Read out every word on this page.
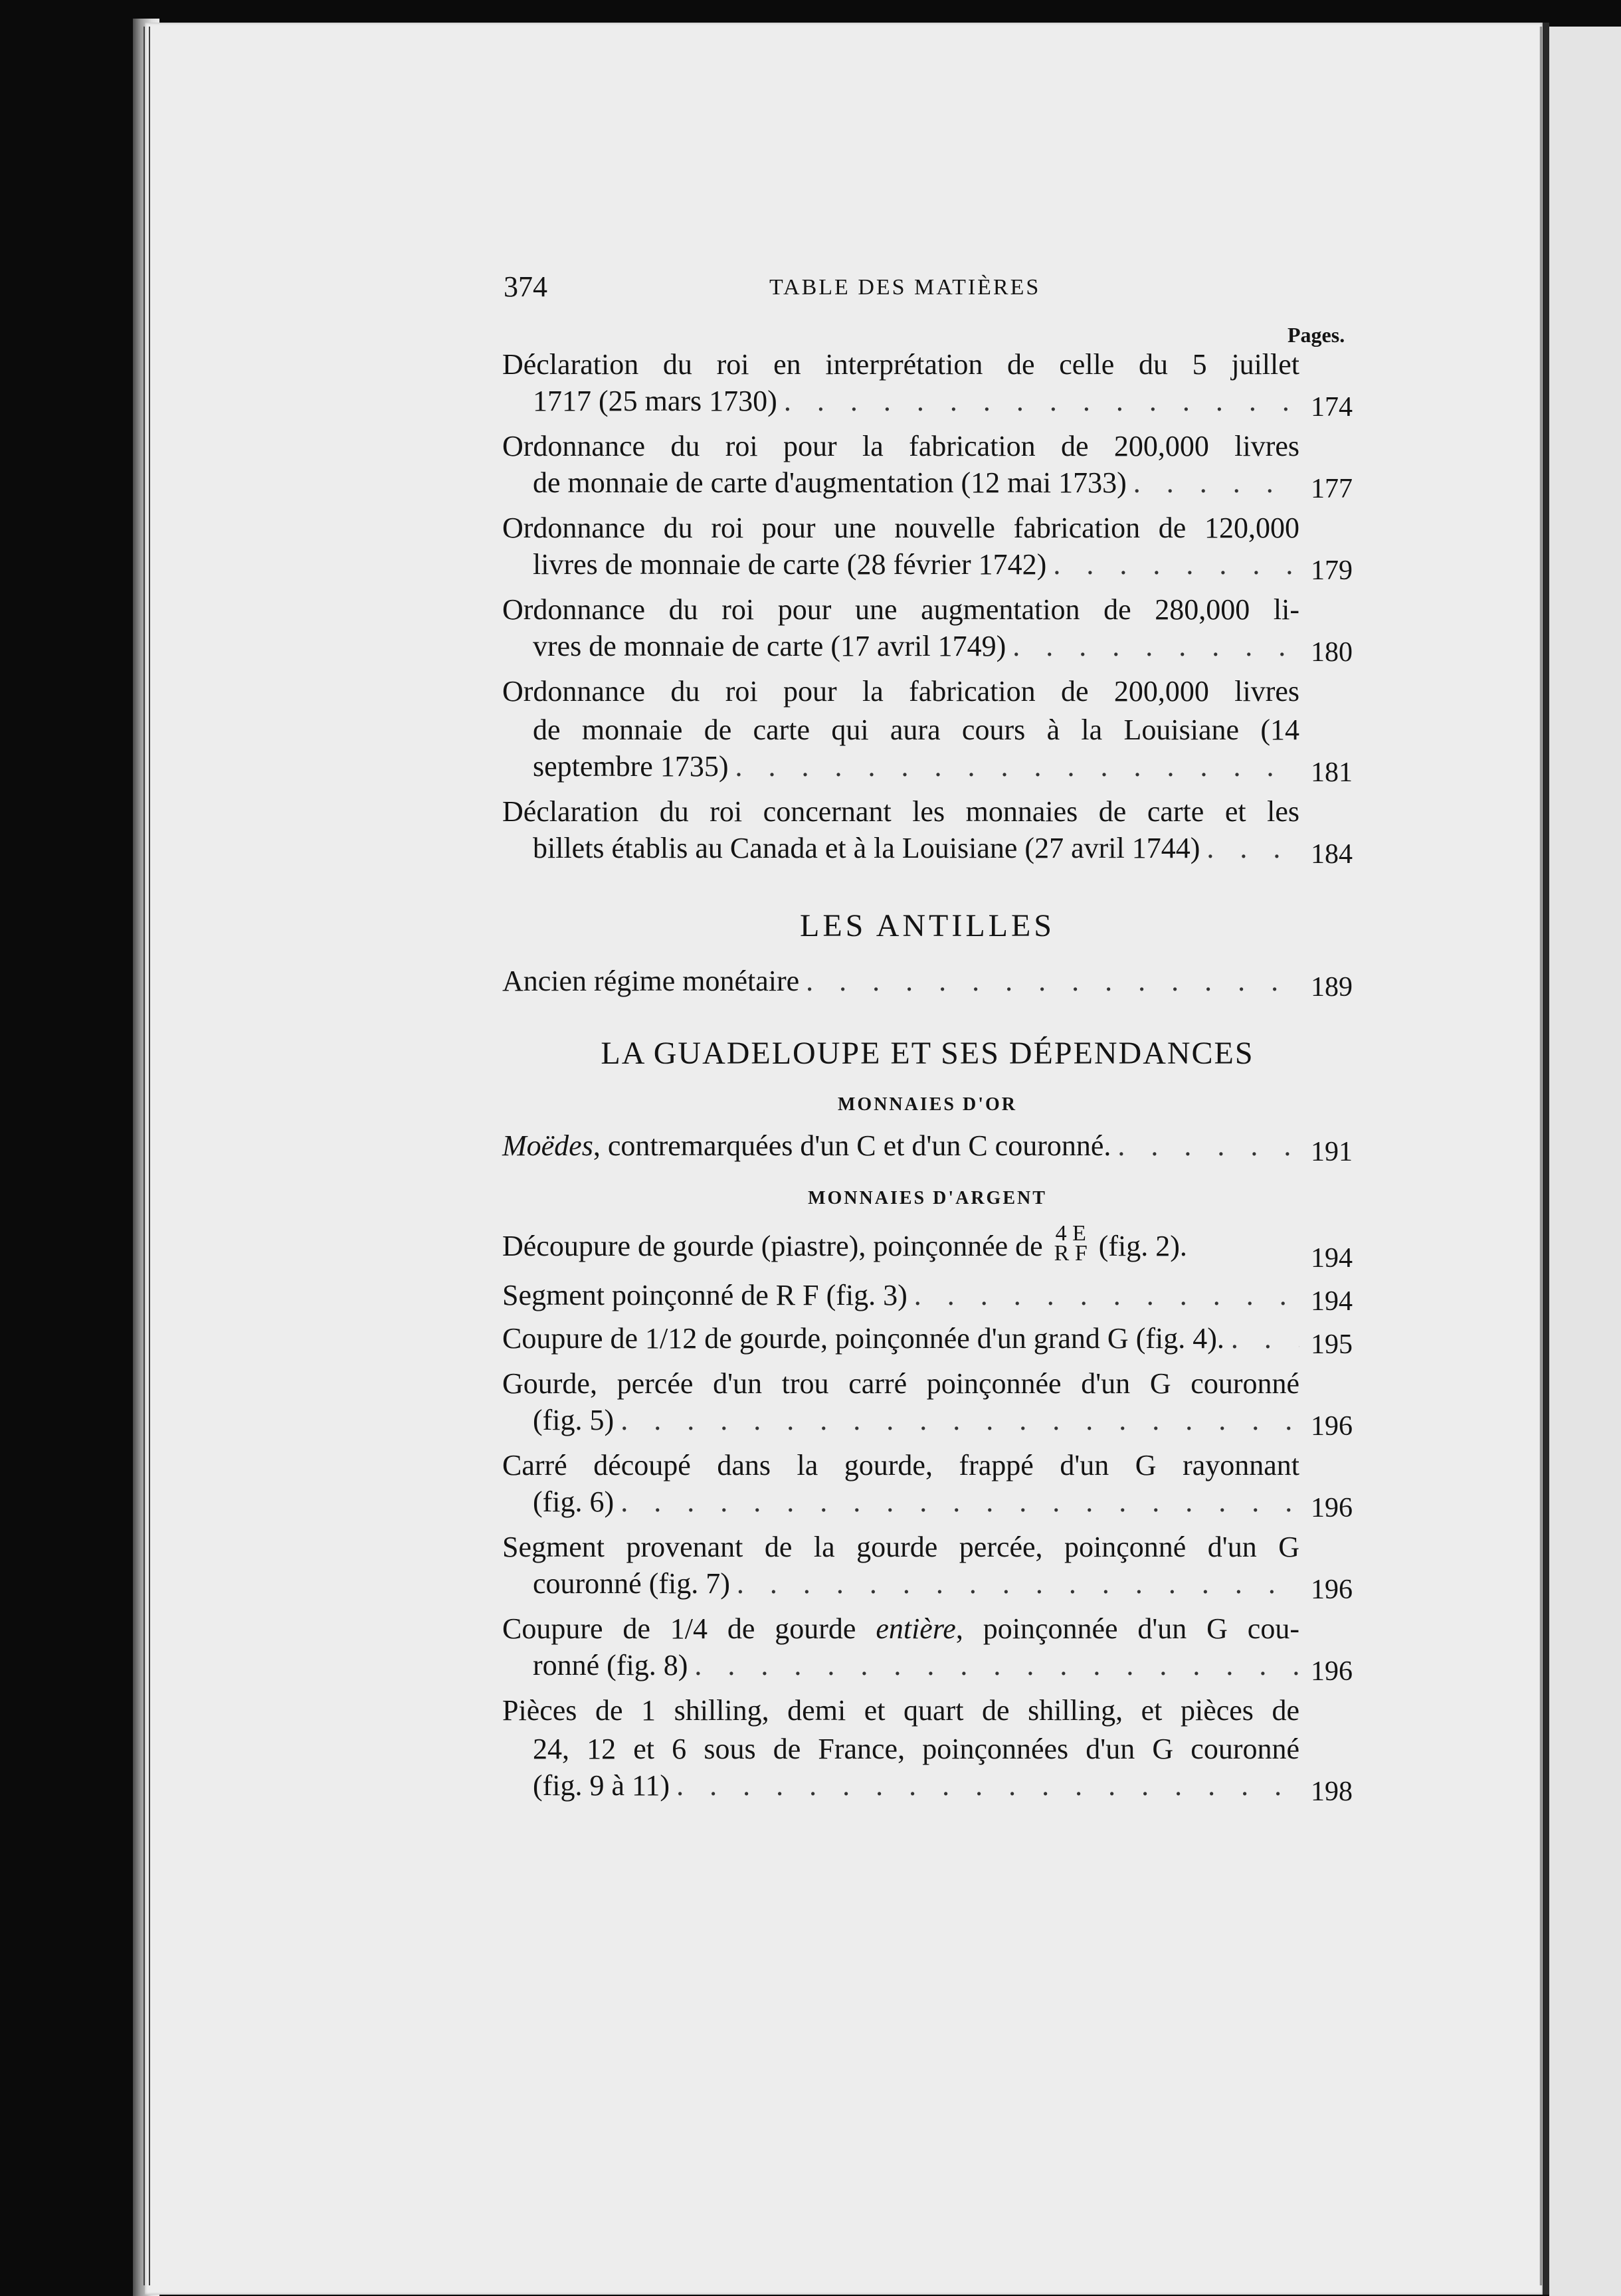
374	TABLE DES MATIÈRES
Pages.
Déclaration du roi en interprétation de celle du 5 juillet
1717 (25 mars 1730) . . .	174
Ordonnance du roi pour la fabrication de 200,000 livres
de monnaie de carte d'augmentation (12 mai 1733) . . .	177
Ordonnance du roi pour une nouvelle fabrication de 120,000
livres de monnaie de carte (28 février 1742) . . .	179
Ordonnance du roi pour une augmentation de 280,000 li-
vres de monnaie de carte (17 avril 1749) . . .	180
Ordonnance du roi pour la fabrication de 200,000 livres
de monnaie de carte qui aura cours à la Louisiane (14
septembre 1735) . . .	181
Déclaration du roi concernant les monnaies de carte et les
billets établis au Canada et à la Louisiane (27 avril 1744) . . .	184
LES ANTILLES
Ancien régime monétaire . . .	189
LA GUADELOUPE ET SES DÉPENDANCES
MONNAIES D'OR
Moëdes, contremarquées d'un C et d'un C couronné. . . .	191
MONNAIES D'ARGENT
Découpure de gourde (piastre), poinçonnée de 4 E
R F (fig. 2).	194
Segment poinçonné de R F (fig. 3) . . .	194
Coupure de 1/12 de gourde, poinçonnée d'un grand G (fig. 4). . . .	195
Gourde, percée d'un trou carré poinçonnée d'un G couronné
(fig. 5) . . .	196
Carré découpé dans la gourde, frappé d'un G rayonnant
(fig. 6) . . .	196
Segment provenant de la gourde percée, poinçonné d'un G
couronné (fig. 7) . . .	196
Coupure de 1/4 de gourde entière, poinçonnée d'un G cou-
ronné (fig. 8) . . .	196
Pièces de 1 shilling, demi et quart de shilling, et pièces de
24, 12 et 6 sous de France, poinçonnées d'un G couronné
(fig. 9 à 11) . . .	198
